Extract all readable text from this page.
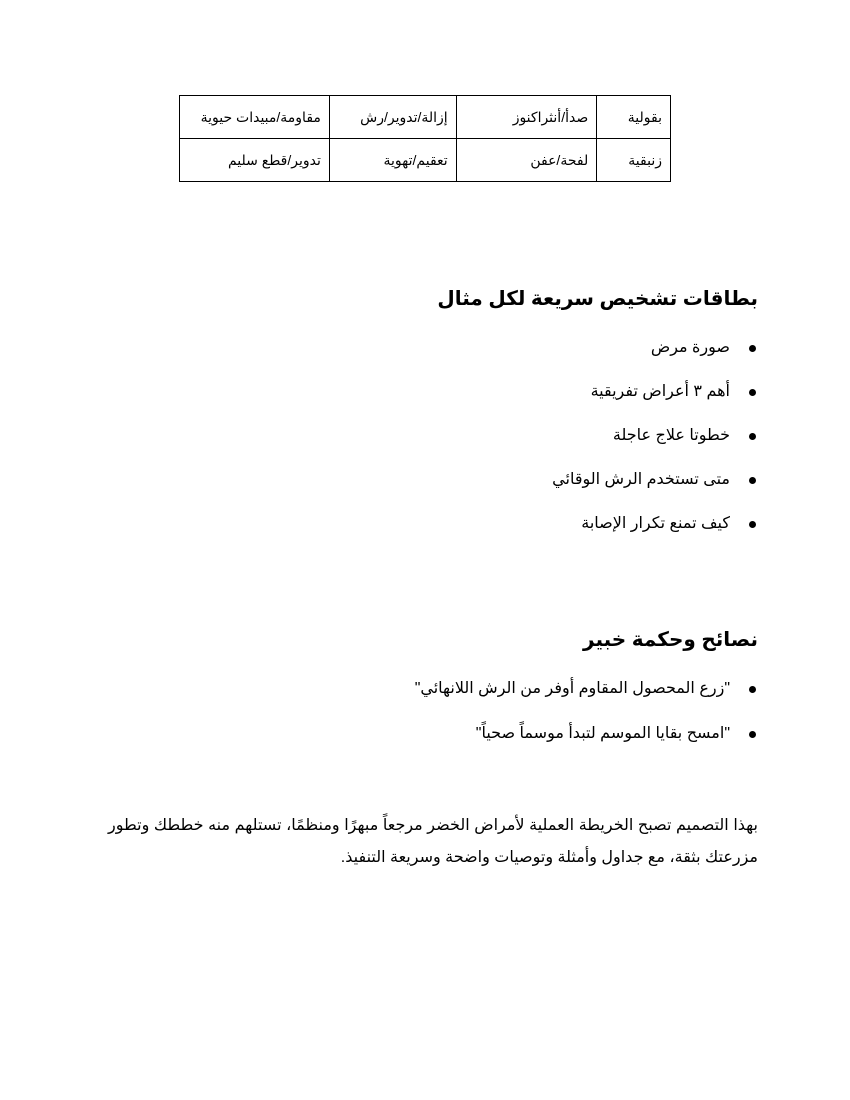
بقولية	صدأ/أنثراكنوز	إزالة/تدوير/رش	مقاومة/مبيدات حيوية
زنبقية	لفحة/عفن	تعقيم/تهوية	تدوير/قطع سليم
بطاقات تشخيص سريعة لكل مثال
صورة مرض
أهم ٣ أعراض تفريقية
خطوتا علاج عاجلة
متى تستخدم الرش الوقائي
كيف تمنع تكرار الإصابة
نصائح وحكمة خبير
"زرع المحصول المقاوم أوفر من الرش اللانهائي"
"امسح بقايا الموسم لتبدأ موسماً صحياً"

بهذا التصميم تصبح الخريطة العملية لأمراض الخضر مرجعاً مبهرًا ومنظمًا، تستلهم منه خططك وتطور مزرعتك بثقة، مع جداول وأمثلة وتوصيات واضحة وسريعة التنفيذ.
